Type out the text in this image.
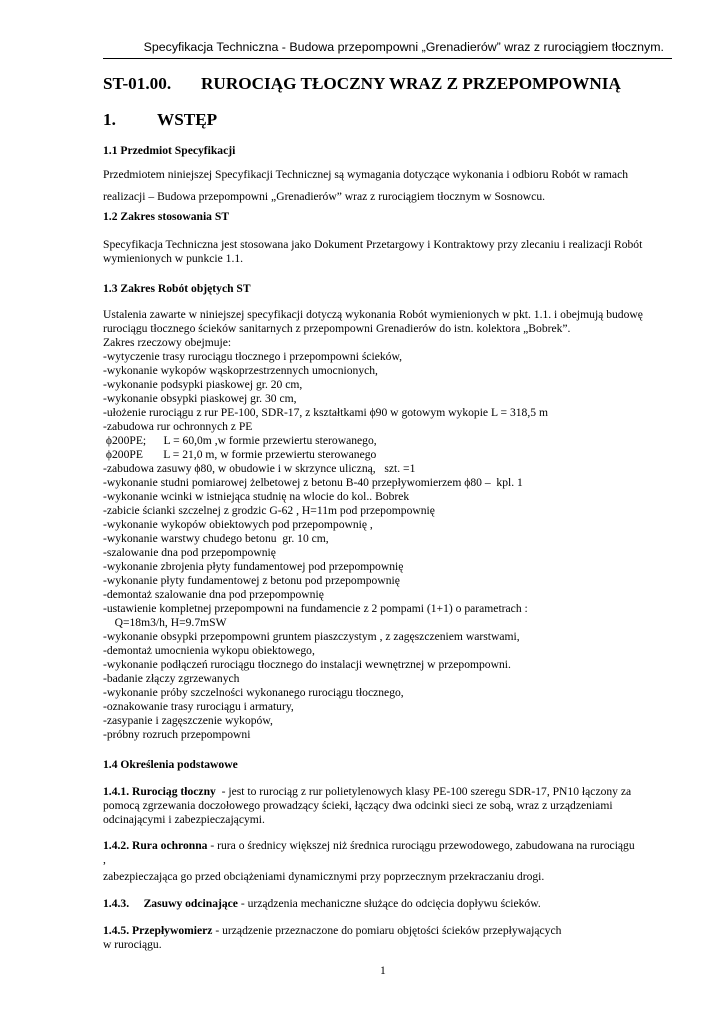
Specyfikacja Techniczna - Budowa przepompowni „Grenadierów” wraz z rurociągiem tłocznym.
ST-01.00. RUROCIĄG TŁOCZNY WRAZ Z PRZEPOMPOWNIĄ
1. WSTĘP
1.1 Przedmiot Specyfikacji

Przedmiotem niniejszej Specyfikacji Technicznej są wymagania dotyczące wykonania i odbioru Robót w ramach

realizacji – Budowa przepompowni „Grenadierów” wraz z rurociągiem tłocznym w Sosnowcu.

1.2 Zakres stosowania ST

Specyfikacja Techniczna jest stosowana jako Dokument Przetargowy i Kontraktowy przy zlecaniu i realizacji Robót

wymienionych w punkcie 1.1.

1.3 Zakres Robót objętych ST
Ustalenia zawarte w niniejszej specyfikacji dotyczą wykonania Robót wymienionych w pkt. 1.1. i obejmują budowę
rurociągu tłocznego ścieków sanitarnych z przepompowni Grenadierów do istn. kolektora „Bobrek”.
Zakres rzeczowy obejmuje:
-wytyczenie trasy rurociągu tłocznego i przepompowni ścieków,
-wykonanie wykopów wąskoprzestrzennych umocnionych,
-wykonanie podsypki piaskowej gr. 20 cm,
-wykonanie obsypki piaskowej gr. 30 cm,
-ułożenie rurociągu z rur PE-100, SDR-17, z kształtkami ϕ90 w gotowym wykopie L = 318,5 m
-zabudowa rur ochronnych z PE
ϕ200PE;      L = 60,0m ,w formie przewiertu sterowanego,
ϕ200PE       L = 21,0 m, w formie przewiertu sterowanego
-zabudowa zasuwy ϕ80, w obudowie i w skrzynce uliczną,   szt. =1
-wykonanie studni pomiarowej żelbetowej z betonu B-40 przepływomierzem ϕ80 –  kpl. 1
-wykonanie wcinki w istniejąca studnię na wlocie do kol.. Bobrek
-zabicie ścianki szczelnej z grodzic G-62 , H=11m pod przepompownię
-wykonanie wykopów obiektowych pod przepompownię ,
-wykonanie warstwy chudego betonu  gr. 10 cm,
-szalowanie dna pod przepompownię
-wykonanie zbrojenia płyty fundamentowej pod przepompownię
-wykonanie płyty fundamentowej z betonu pod przepompownię
-demontaż szalowanie dna pod przepompownię
-ustawienie kompletnej przepompowni na fundamencie z 2 pompami (1+1) o parametrach :
Q=18m3/h, H=9.7mSW
-wykonanie obsypki przepompowni gruntem piaszczystym , z zagęszczeniem warstwami,
-demontaż umocnienia wykopu obiektowego,
-wykonanie podłączeń rurociągu tłocznego do instalacji wewnętrznej w przepompowni.
-badanie złączy zgrzewanych
-wykonanie próby szczelności wykonanego rurociągu tłocznego,
-oznakowanie trasy rurociągu i armatury,
-zasypanie i zagęszczenie wykopów,
-próbny rozruch przepompowni
1.4 Określenia podstawowe

1.4.1. Rurociąg tłoczny  - jest to rurociąg z rur polietylenowych klasy PE-100 szeregu SDR-17, PN10 łączony za

pomocą zgrzewania doczołowego prowadzący ścieki, łączący dwa odcinki sieci ze sobą, wraz z urządzeniami

odcinającymi i zabezpieczającymi.

1.4.2. Rura ochronna - rura o średnicy większej niż średnica rurociągu przewodowego, zabudowana na rurociągu

,

zabezpieczająca go przed obciążeniami dynamicznymi przy poprzecznym przekraczaniu drogi.

1.4.3.     Zasuwy odcinające - urządzenia mechaniczne służące do odcięcia dopływu ścieków.

1.4.5. Przepływomierz - urządzenie przeznaczone do pomiaru objętości ścieków przepływających

w rurociągu.

1
